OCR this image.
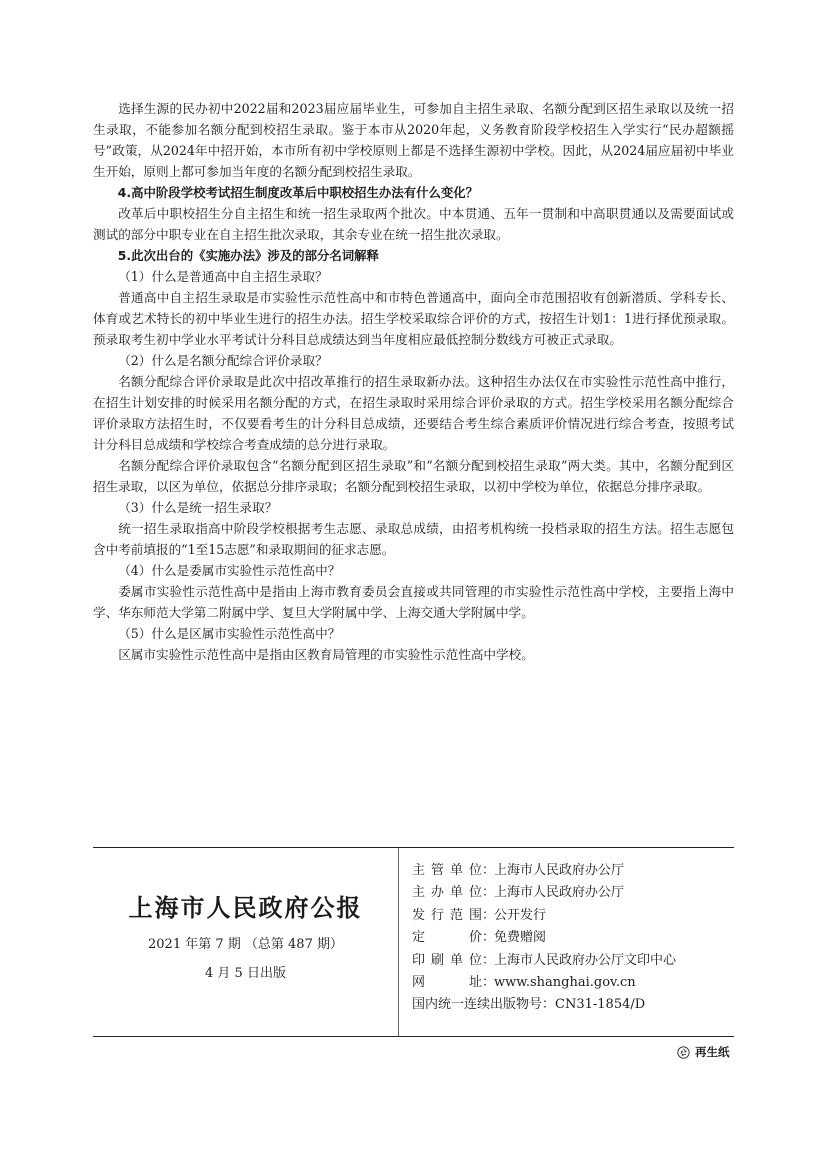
选择生源的民办初中2022届和2023届应届毕业生，可参加自主招生录取、名额分配到区招生录取以及统一招生录取，不能参加名额分配到校招生录取。鉴于本市从2020年起，义务教育阶段学校招生入学实行“民办超额摇号”政策，从2024年中招开始，本市所有初中学校原则上都是不选择生源初中学校。因此，从2024届应届初中毕业生开始，原则上都可参加当年度的名额分配到校招生录取。

4.高中阶段学校考试招生制度改革后中职校招生办法有什么变化？

改革后中职校招生分自主招生和统一招生录取两个批次。中本贯通、五年一贯制和中高职贯通以及需要面试或测试的部分中职专业在自主招生批次录取，其余专业在统一招生批次录取。

5.此次出台的《实施办法》涉及的部分名词解释

（1）什么是普通高中自主招生录取？

普通高中自主招生录取是市实验性示范性高中和市特色普通高中，面向全市范围招收有创新潜质、学科专长、体育或艺术特长的初中毕业生进行的招生办法。招生学校采取综合评价的方式，按招生计划1：1进行择优预录取。预录取考生初中学业水平考试计分科目总成绩达到当年度相应最低控制分数线方可被正式录取。

（2）什么是名额分配综合评价录取？

名额分配综合评价录取是此次中招改革推行的招生录取新办法。这种招生办法仅在市实验性示范性高中推行，在招生计划安排的时候采用名额分配的方式，在招生录取时采用综合评价录取的方式。招生学校采用名额分配综合评价录取方法招生时，不仅要看考生的计分科目总成绩，还要结合考生综合素质评价情况进行综合考查，按照考试计分科目总成绩和学校综合考查成绩的总分进行录取。

名额分配综合评价录取包含“名额分配到区招生录取”和“名额分配到校招生录取”两大类。其中，名额分配到区招生录取，以区为单位，依据总分排序录取；名额分配到校招生录取，以初中学校为单位，依据总分排序录取。

（3）什么是统一招生录取？

统一招生录取指高中阶段学校根据考生志愿、录取总成绩，由招考机构统一投档录取的招生方法。招生志愿包含中考前填报的“1至15志愿”和录取期间的征求志愿。

（4）什么是委属市实验性示范性高中？

委属市实验性示范性高中是指由上海市教育委员会直接或共同管理的市实验性示范性高中学校，主要指上海中学、华东师范大学第二附属中学、复旦大学附属中学、上海交通大学附属中学。

（5）什么是区属市实验性示范性高中？

区属市实验性示范性高中是指由区教育局管理的市实验性示范性高中学校。

上海市人民政府公报
2021 年第 7 期 （总第 487 期）
4 月 5 日出版
主管单位 ：
上海市人民政府办公厅
主办单位 ：
上海市人民政府办公厅
发行范围 ：
公开发行
定价 ：
免费赠阅
印刷单位 ：
上海市人民政府办公厅文印中心
网址 ：
www.shanghai.gov.cn
国内统一连续出版物号 ： CN31-1854/D
再生纸
